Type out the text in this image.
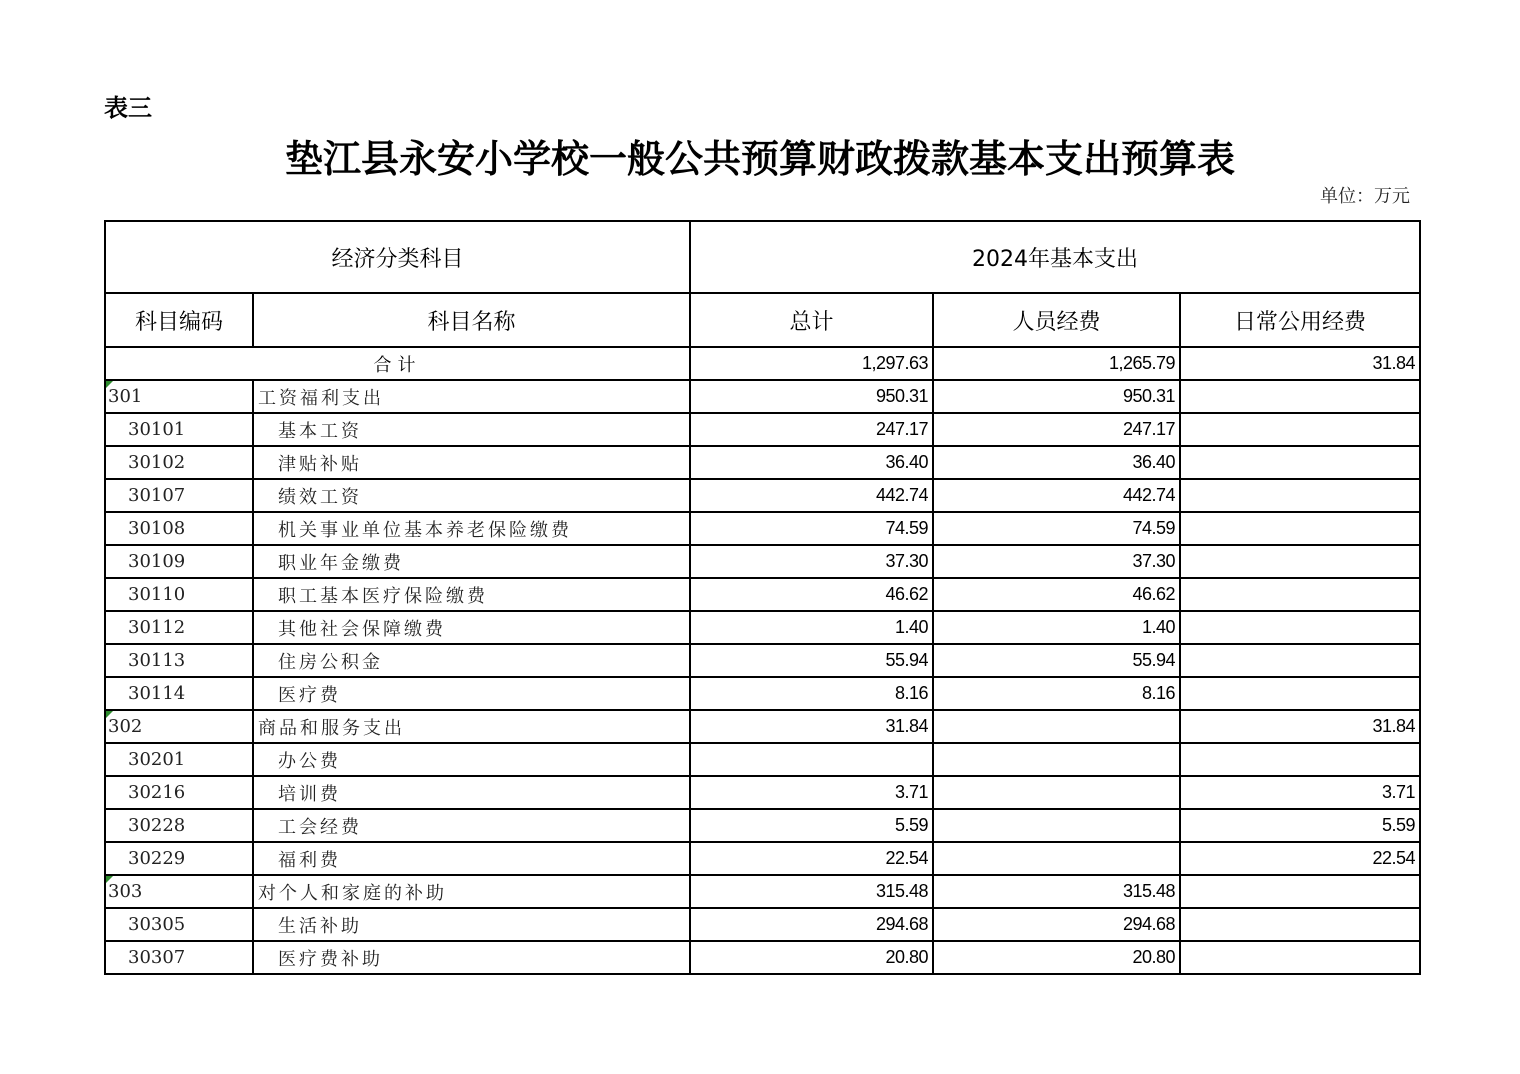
表三
垫江县永安小学校一般公共预算财政拨款基本支出预算表
单位：万元
经济分类科目		2024年基本支出		
科目编码	科目名称	总计	人员经费	日常公用经费
合计		1,297.63	1,265.79	31.84

301	工资福利支出	950.31	950.31	
30101	基本工资	247.17	247.17	
30102	津贴补贴	36.40	36.40	
30107	绩效工资	442.74	442.74	
30108	机关事业单位基本养老保险缴费	74.59	74.59	
30109	职业年金缴费	37.30	37.30	
30110	职工基本医疗保险缴费	46.62	46.62	
30112	其他社会保障缴费	1.40	1.40	
30113	住房公积金	55.94	55.94	
30114	医疗费	8.16	8.16	

302	商品和服务支出	31.84		31.84
30201	办公费			
30216	培训费	3.71		3.71
30228	工会经费	5.59		5.59
30229	福利费	22.54		22.54

303	对个人和家庭的补助	315.48	315.48	
30305	生活补助	294.68	294.68	
30307	医疗费补助	20.80	20.80	
